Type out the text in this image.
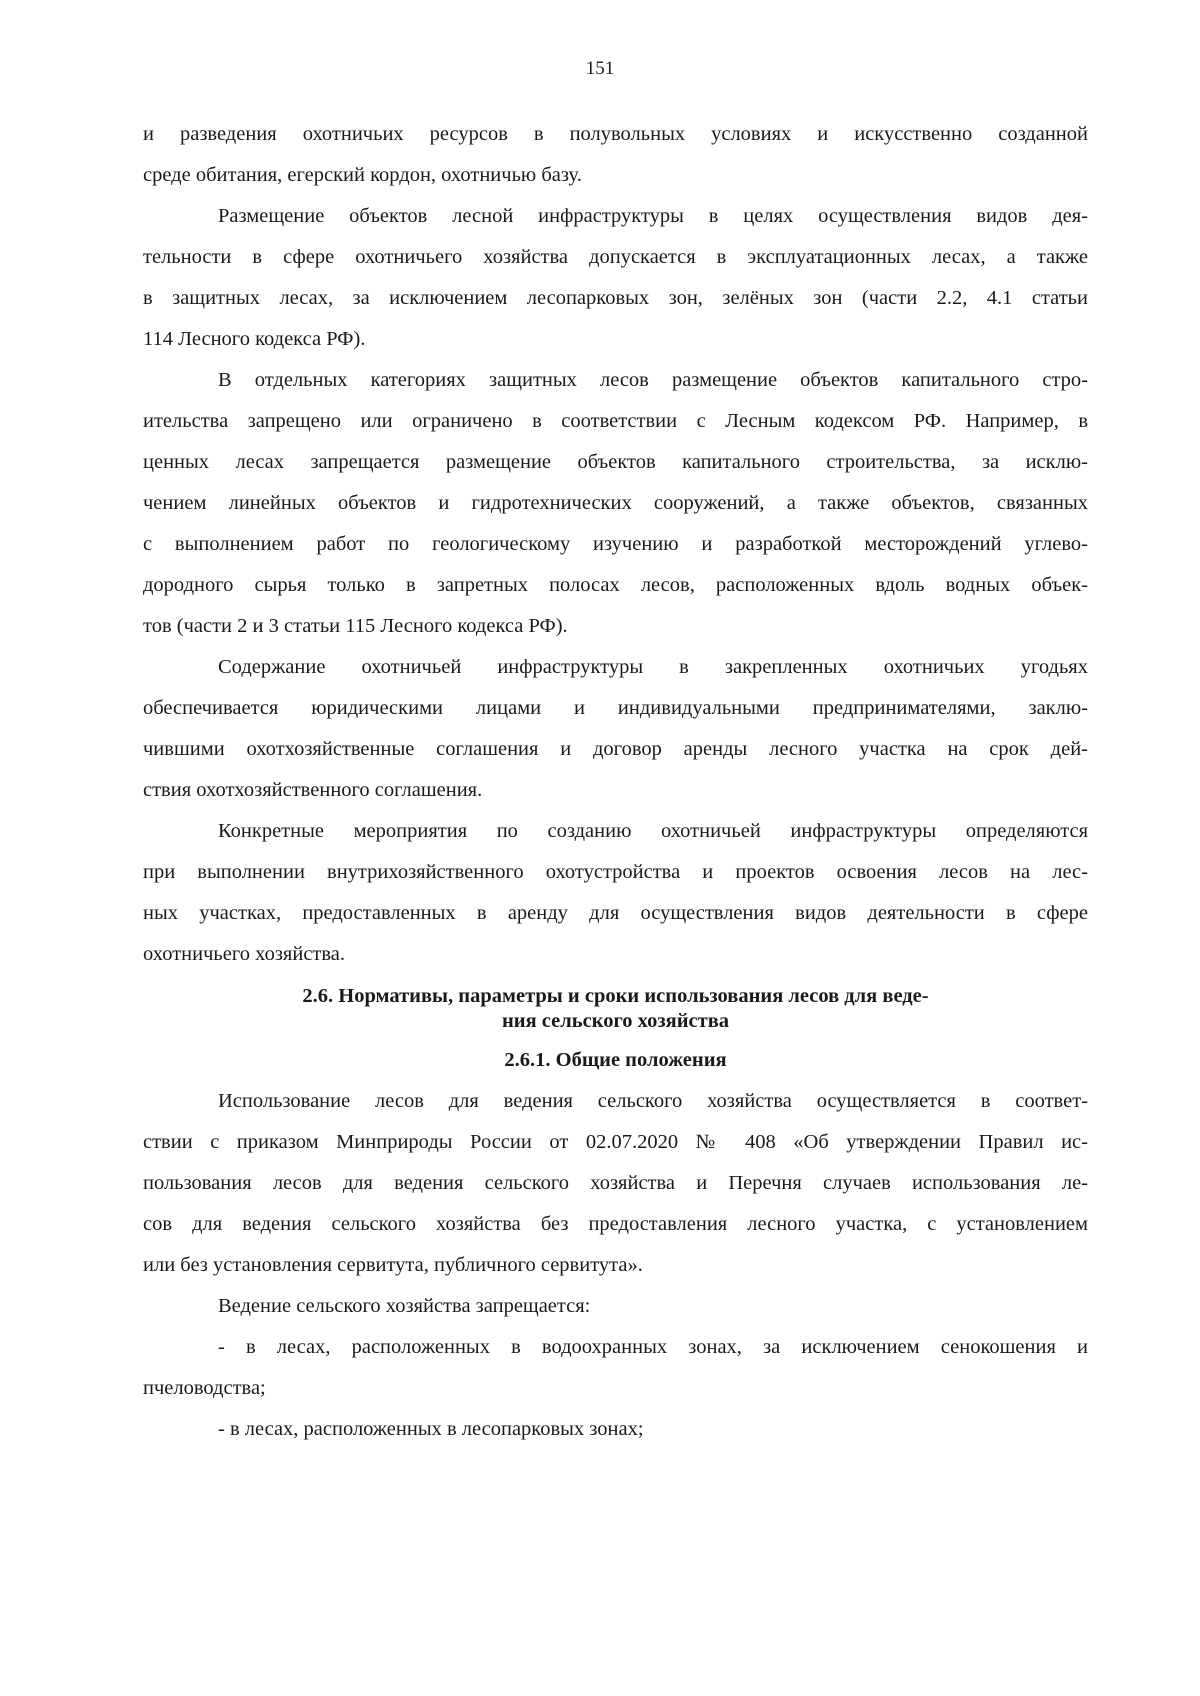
151

и разведения охотничьих ресурсов в полувольных условиях и искусственно созданной
среде обитания, егерский кордон, охотничью базу.

Размещение объектов лесной инфраструктуры в целях осуществления видов дея-
тельности в сфере охотничьего хозяйства допускается в эксплуатационных лесах, а также
в защитных лесах, за исключением лесопарковых зон, зелёных зон (части 2.2, 4.1 статьи
114 Лесного кодекса РФ).

В отдельных категориях защитных лесов размещение объектов капитального стро-
ительства запрещено или ограничено в соответствии с Лесным кодексом РФ. Например, в
ценных лесах запрещается размещение объектов капитального строительства, за исклю-
чением линейных объектов и гидротехнических сооружений, а также объектов, связанных
с выполнением работ по геологическому изучению и разработкой месторождений углево-
дородного сырья только в запретных полосах лесов, расположенных вдоль водных объек-
тов (части 2 и 3 статьи 115 Лесного кодекса РФ).

Содержание охотничьей инфраструктуры в закрепленных охотничьих угодьях
обеспечивается юридическими лицами и индивидуальными предпринимателями, заклю-
чившими охотхозяйственные соглашения и договор аренды лесного участка на срок дей-
ствия охотхозяйственного соглашения.

Конкретные мероприятия по созданию охотничьей инфраструктуры определяются
при выполнении внутрихозяйственного охотустройства и проектов освоения лесов на лес-
ных участках, предоставленных в аренду для осуществления видов деятельности в сфере
охотничьего хозяйства.

2.6. Нормативы, параметры и сроки использования лесов для веде-
ния сельского хозяйства
2.6.1. Общие положения

Использование лесов для ведения сельского хозяйства осуществляется в соответ-
ствии с приказом Минприроды России от 02.07.2020 № 408 «Об утверждении Правил ис-
пользования лесов для ведения сельского хозяйства и Перечня случаев использования ле-
сов для ведения сельского хозяйства без предоставления лесного участка, с установлением
или без установления сервитута, публичного сервитута».

Ведение сельского хозяйства запрещается:

- в лесах, расположенных в водоохранных зонах, за исключением сенокошения и
пчеловодства;

- в лесах, расположенных в лесопарковых зонах;
